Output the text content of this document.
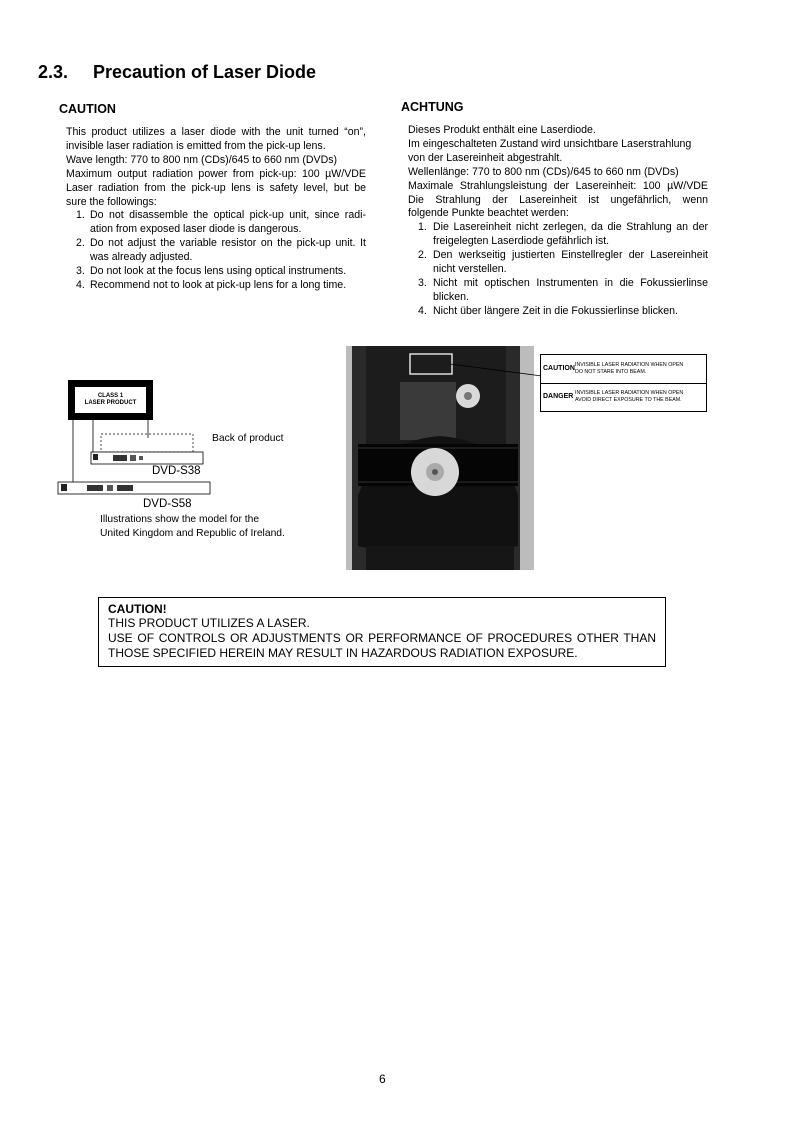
2.3. Precaution of Laser Diode
CAUTION
This product utilizes a laser diode with the unit turned “on”,
invisible laser radiation is emitted from the pick-up lens.
Wave length: 770 to 800 nm (CDs)/645 to 660 nm (DVDs)
Maximum output radiation power from pick-up: 100 µW/VDE
Laser radiation from the pick-up lens is safety level, but be
sure the followings:
1. Do not disassemble the optical pick-up unit, since radi-
ation from exposed laser diode is dangerous.
2. Do not adjust the variable resistor on the pick-up unit. It
was already adjusted.
3. Do not look at the focus lens using optical instruments.
4. Recommend not to look at pick-up lens for a long time.
ACHTUNG
Dieses Produkt enthält eine Laserdiode.
Im eingeschalteten Zustand wird unsichtbare Laserstrahlung
von der Lasereinheit abgestrahlt.
Wellenlänge: 770 to 800 nm (CDs)/645 to 660 nm (DVDs)
Maximale Strahlungsleistung der Lasereinheit: 100 µW/VDE
Die Strahlung der Lasereinheit ist ungefährlich, wenn
folgende Punkte beachtet werden:
1. Die Lasereinheit nicht zerlegen, da die Strahlung an der
freigelegten Laserdiode gefährlich ist.
2. Den werkseitig justierten Einstellregler der Lasereinheit
nicht verstellen.
3. Nicht mit optischen Instrumenten in die Fokussierlinse
blicken.
4. Nicht über längere Zeit in die Fokussierlinse blicken.
CLASS 1
LASER PRODUCT
Back of product
DVD-S38
DVD-S58
Illustrations show the model for the
United Kingdom and Republic of Ireland.
CAUTION INVISIBLE LASER RADIATION WHEN OPEN
DO NOT STARE INTO BEAM.
DANGER INVISIBLE LASER RADIATION WHEN OPEN
AVOID DIRECT EXPOSURE TO THE BEAM.
CAUTION!
THIS PRODUCT UTILIZES A LASER.
USE OF CONTROLS OR ADJUSTMENTS OR PERFORMANCE OF PROCEDURES OTHER THAN
THOSE SPECIFIED HEREIN MAY RESULT IN HAZARDOUS RADIATION EXPOSURE.
6
